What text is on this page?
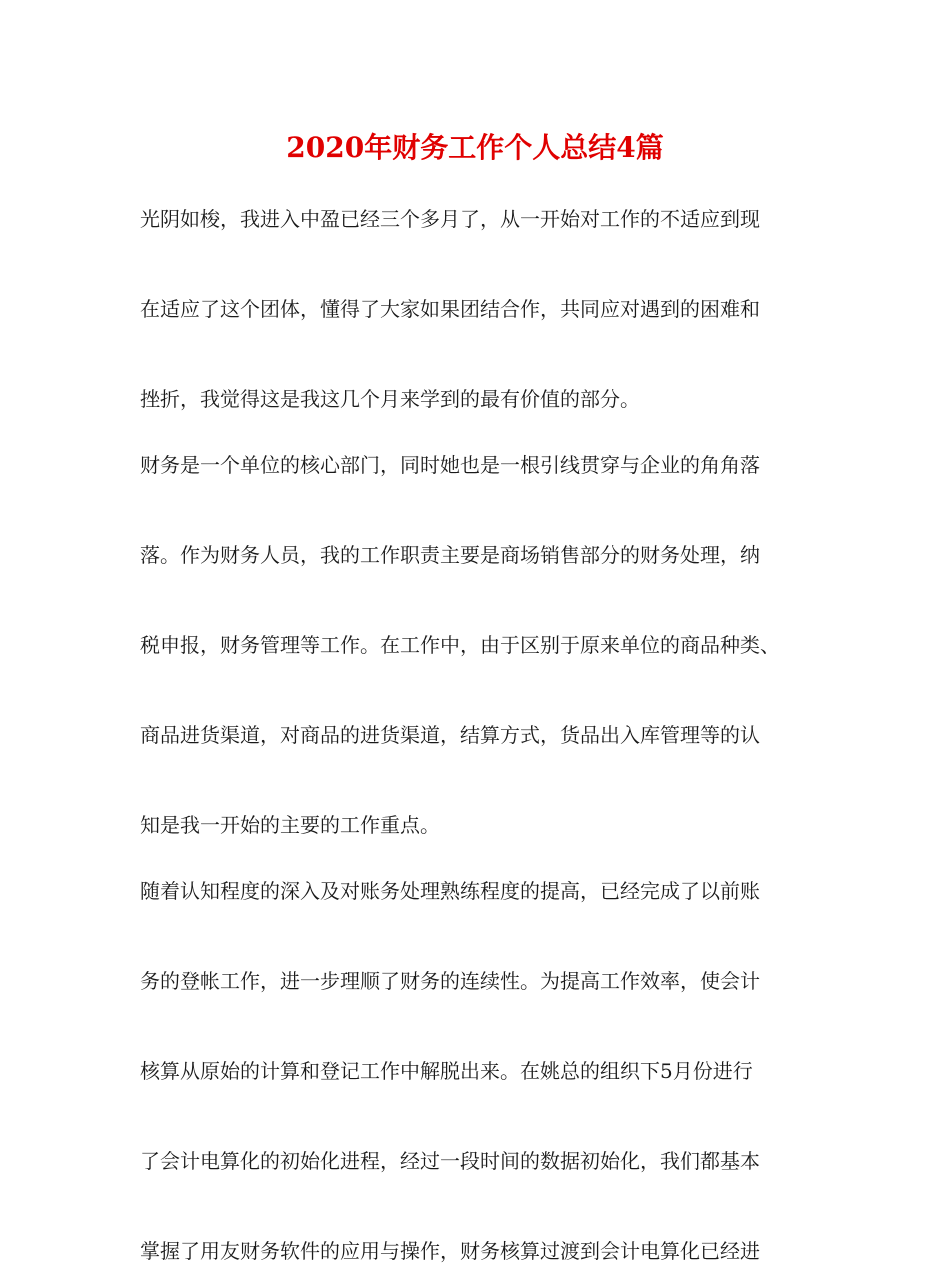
2020年财务工作个人总结4篇
光阴如梭，我进入中盈已经三个多月了，从一开始对工作的不适应到现
在适应了这个团体，懂得了大家如果团结合作，共同应对遇到的困难和
挫折，我觉得这是我这几个月来学到的最有价值的部分。
财务是一个单位的核心部门，同时她也是一根引线贯穿与企业的角角落
落。作为财务人员，我的工作职责主要是商场销售部分的财务处理，纳
税申报，财务管理等工作。在工作中，由于区别于原来单位的商品种类、
商品进货渠道，对商品的进货渠道，结算方式，货品出入库管理等的认
知是我一开始的主要的工作重点。
随着认知程度的深入及对账务处理熟练程度的提高，已经完成了以前账
务的登帐工作，进一步理顺了财务的连续性。为提高工作效率，使会计
核算从原始的计算和登记工作中解脱出来。在姚总的组织下5月份进行
了会计电算化的初始化进程，经过一段时间的数据初始化，我们都基本
掌握了用友财务软件的应用与操作，财务核算过渡到会计电算化已经进
